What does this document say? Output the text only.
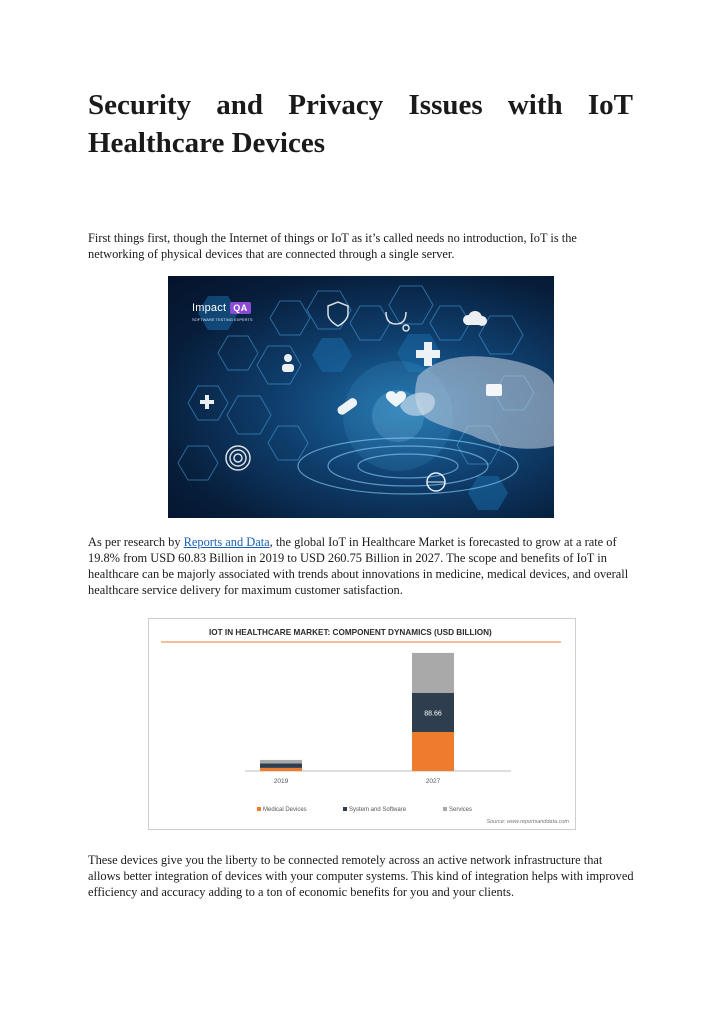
Security and Privacy Issues with IoT Healthcare Devices

First things first, though the Internet of things or IoT as it’s called needs no introduction, IoT is the networking of physical devices that are connected through a single server.

Impact QA
SOFTWARE TESTING EXPERTS

As per research by Reports and Data, the global IoT in Healthcare Market is forecasted to grow at a rate of 19.8% from USD 60.83 Billion in 2019 to USD 260.75 Billion in 2027. The scope and benefits of IoT in healthcare can be majorly associated with trends about innovations in medicine, medical devices, and overall healthcare service delivery for maximum customer satisfaction.

IOT IN HEALTHCARE MARKET: COMPONENT DYNAMICS (USD BILLION)
2019
88.66
2027
Medical Devices	System and Software	Services
Source: www.reportsanddata.com

These devices give you the liberty to be connected remotely across an active network infrastructure that allows better integration of devices with your computer systems. This kind of integration helps with improved efficiency and accuracy adding to a ton of economic benefits for you and your clients.
